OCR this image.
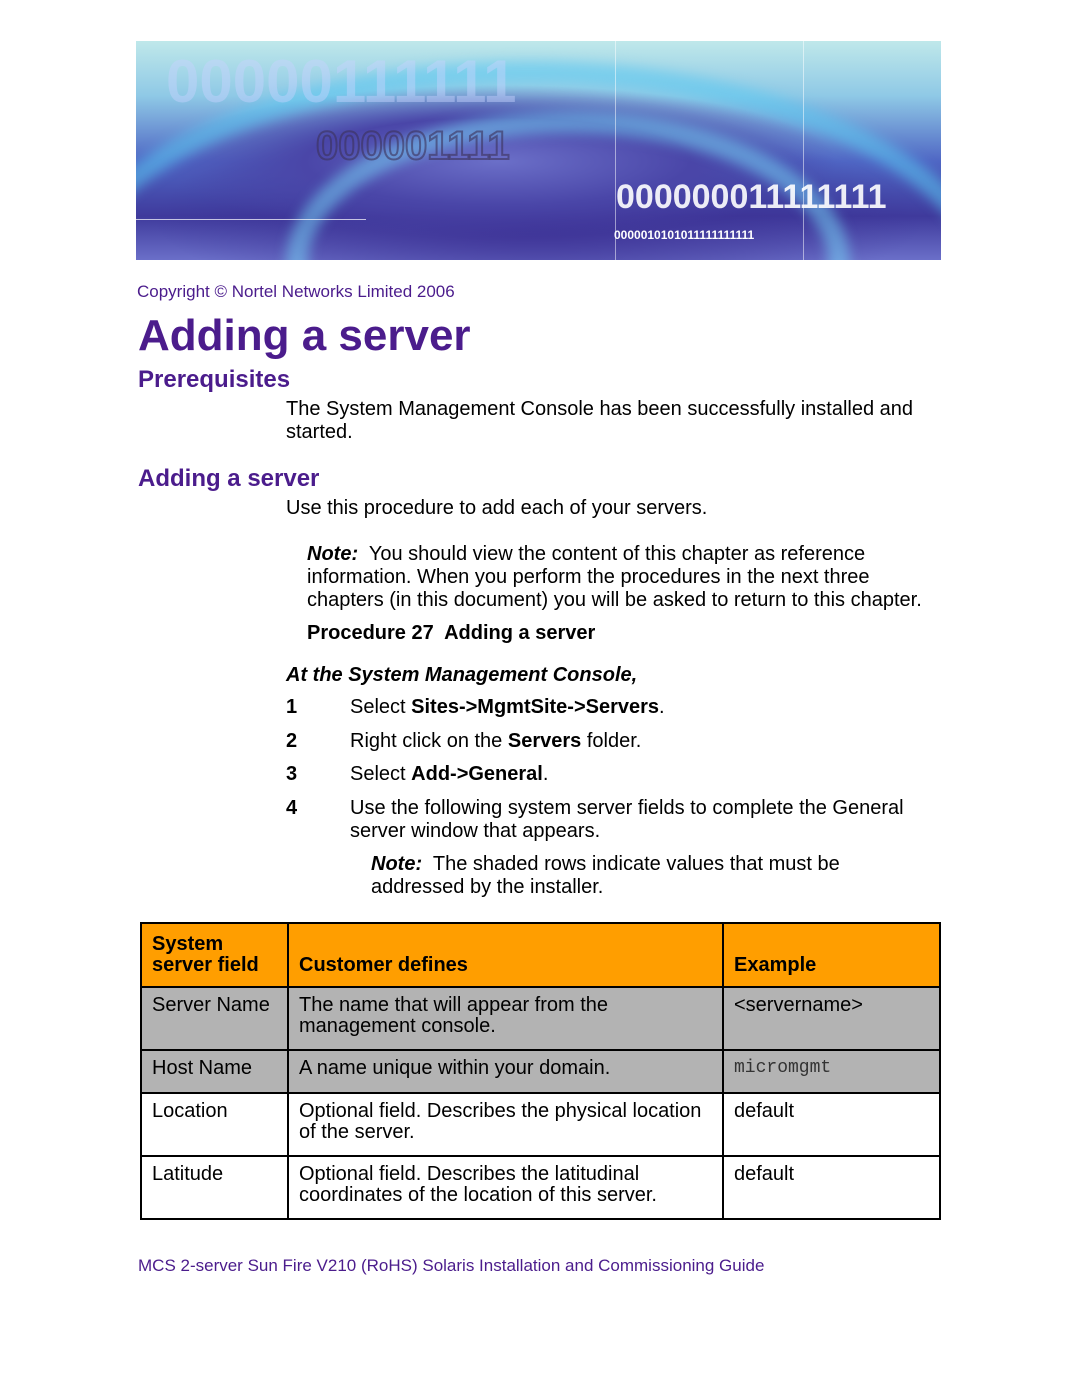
00000111111
000001111
000000011111111
0000010101011111111111
Copyright © Nortel Networks Limited 2006
Adding a server
Prerequisites
The System Management Console has been successfully installed and started.
Adding a server
Use this procedure to add each of your servers.
Note: You should view the content of this chapter as reference information. When you perform the procedures in the next three chapters (in this document) you will be asked to return to this chapter.
Procedure 27  Adding a server
At the System Management Console,
1	Select Sites->MgmtSite->Servers.
2	Right click on the Servers folder.
3	Select Add->General.
4	Use the following system server fields to complete the General server window that appears.
Note: The shaded rows indicate values that must be addressed by the installer.
System server field	Customer defines	Example
Server Name	The name that will appear from the management console.	<servername>
Host Name	A name unique within your domain.	micromgmt
Location	Optional field. Describes the physical location of the server.	default
Latitude	Optional field. Describes the latitudinal coordinates of the location of this server.	default
MCS 2-server Sun Fire V210 (RoHS) Solaris Installation and Commissioning Guide
